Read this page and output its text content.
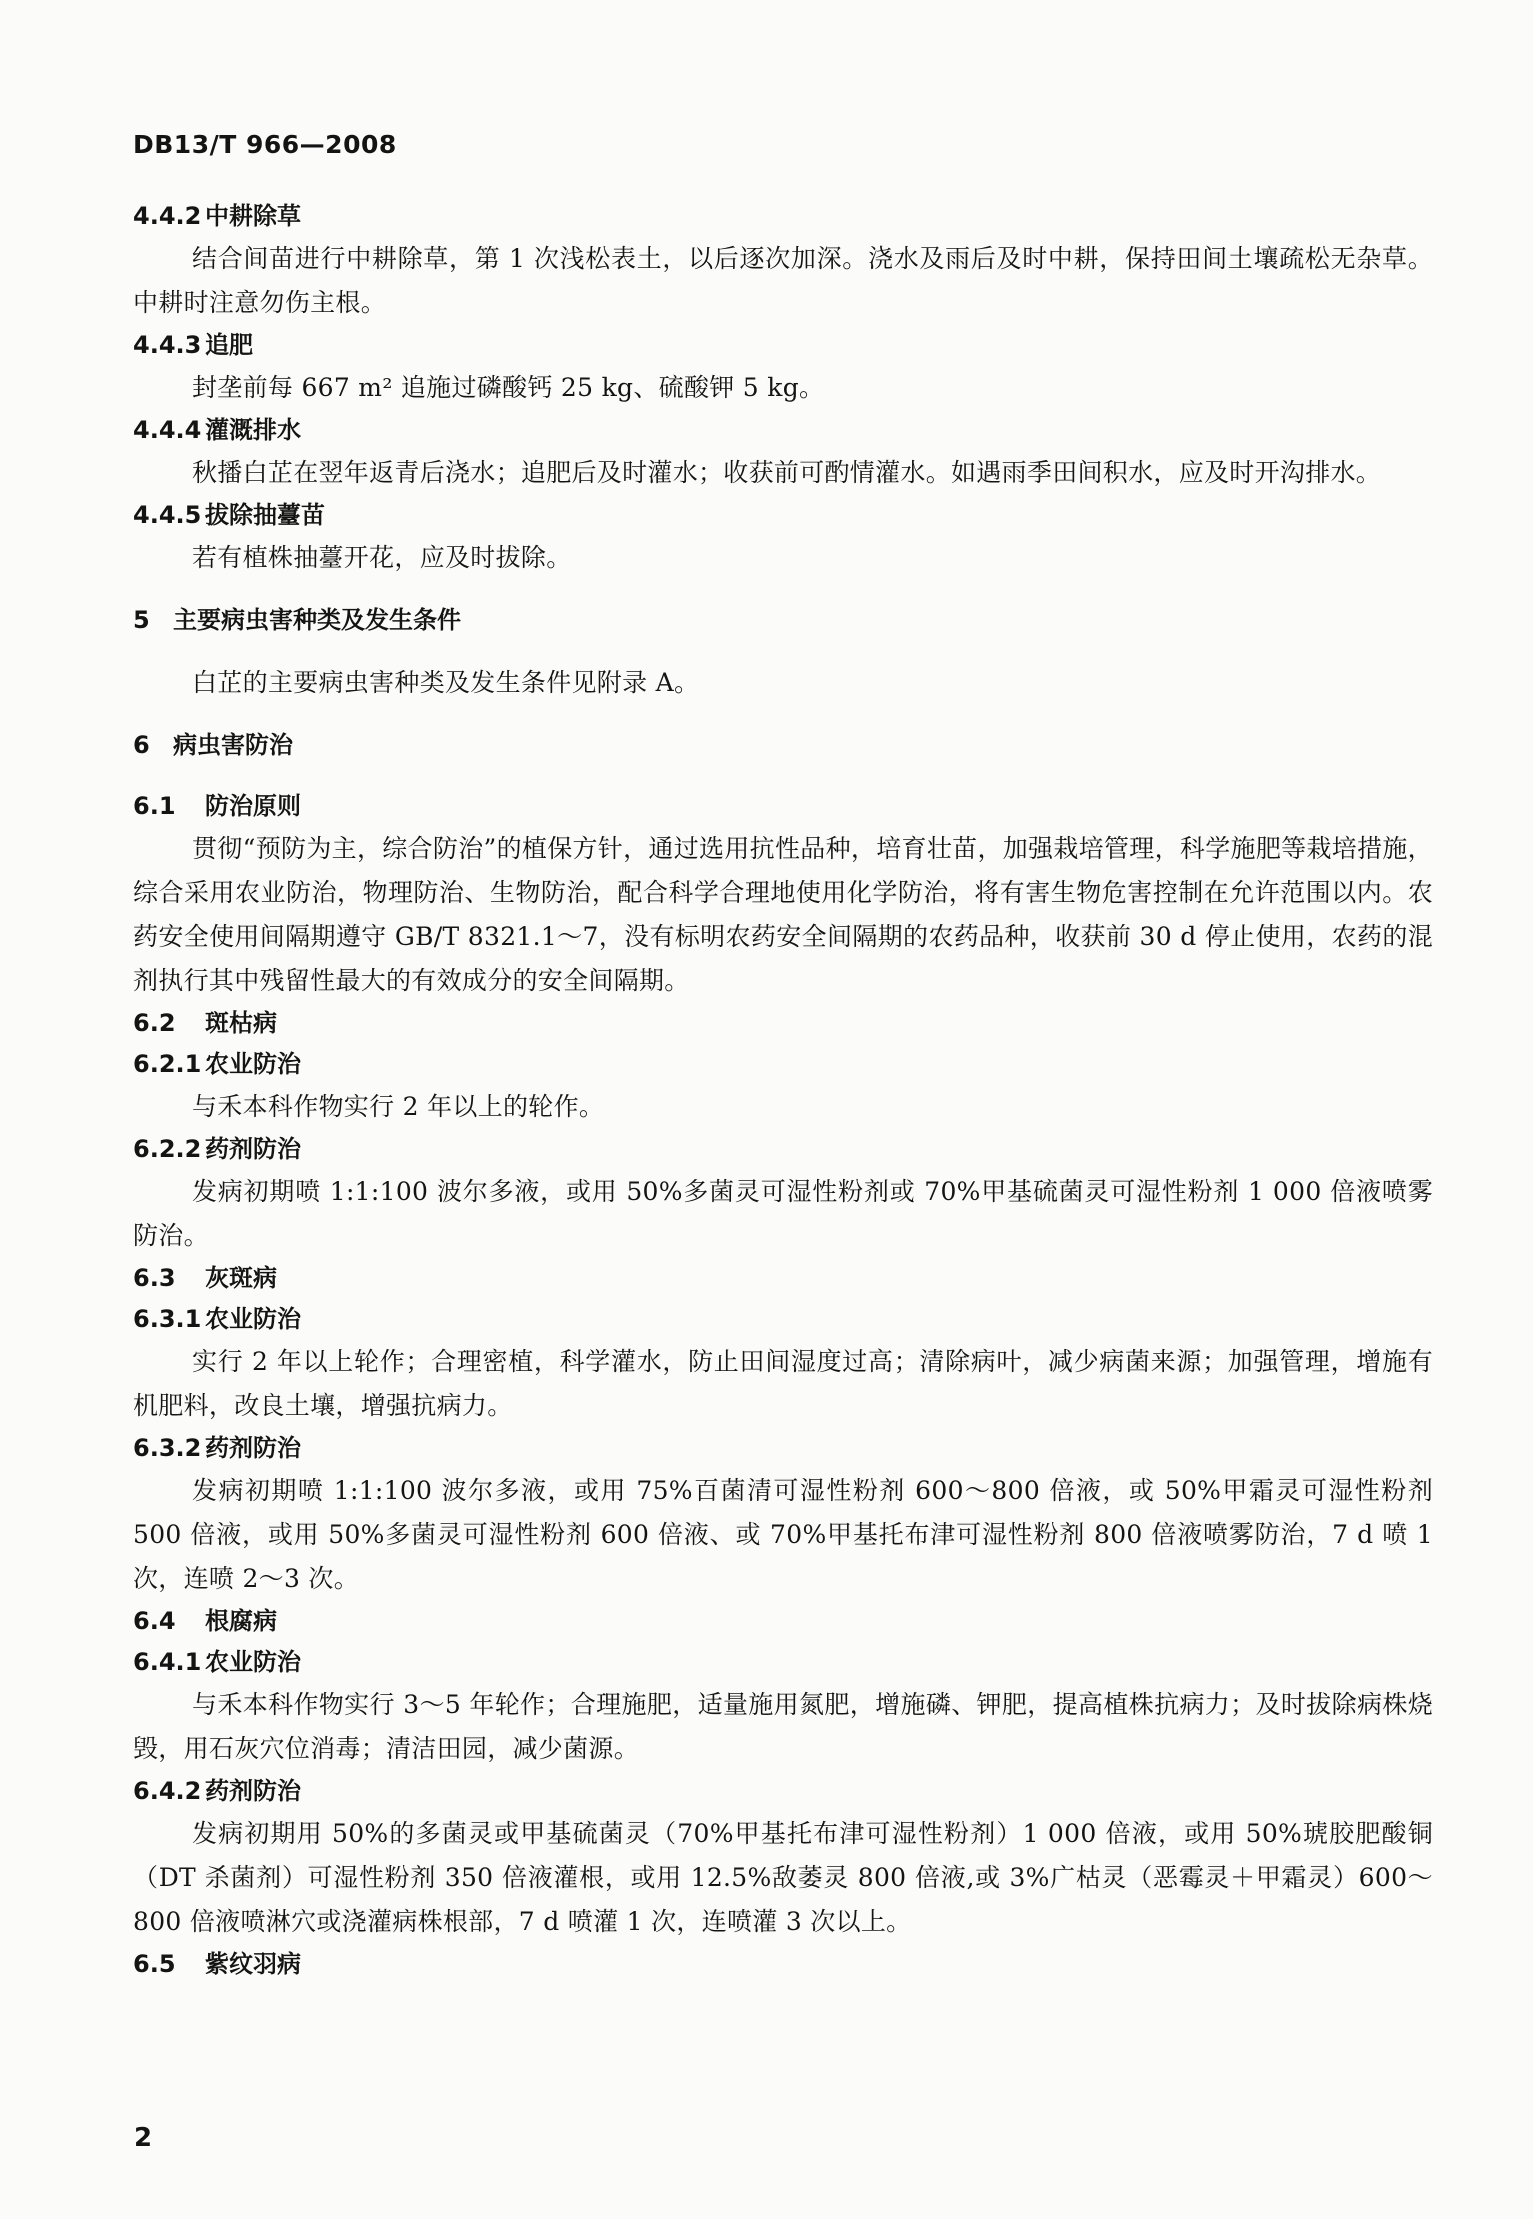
DB13/T 966—2008
4.4.2 中耕除草
结合间苗进行中耕除草，第 1 次浅松表土，以后逐次加深。浇水及雨后及时中耕，保持田间土壤疏松无杂草。中耕时注意勿伤主根。
4.4.3 追肥
封垄前每 667 m² 追施过磷酸钙 25 kg、硫酸钾 5 kg。
4.4.4 灌溉排水
秋播白芷在翌年返青后浇水；追肥后及时灌水；收获前可酌情灌水。如遇雨季田间积水，应及时开沟排水。
4.4.5 拔除抽薹苗
若有植株抽薹开花，应及时拔除。
5 主要病虫害种类及发生条件
白芷的主要病虫害种类及发生条件见附录 A。
6 病虫害防治
6.1 防治原则
贯彻“预防为主，综合防治”的植保方针，通过选用抗性品种，培育壮苗，加强栽培管理，科学施肥等栽培措施，综合采用农业防治，物理防治、生物防治，配合科学合理地使用化学防治，将有害生物危害控制在允许范围以内。农药安全使用间隔期遵守 GB/T 8321.1～7，没有标明农药安全间隔期的农药品种，收获前 30 d 停止使用，农药的混剂执行其中残留性最大的有效成分的安全间隔期。
6.2 斑枯病
6.2.1 农业防治
与禾本科作物实行 2 年以上的轮作。
6.2.2 药剂防治
发病初期喷 1:1:100 波尔多液，或用 50%多菌灵可湿性粉剂或 70%甲基硫菌灵可湿性粉剂 1 000 倍液喷雾防治。
6.3 灰斑病
6.3.1 农业防治
实行 2 年以上轮作；合理密植，科学灌水，防止田间湿度过高；清除病叶，减少病菌来源；加强管理，增施有机肥料，改良土壤，增强抗病力。
6.3.2 药剂防治
发病初期喷 1:1:100 波尔多液，或用 75%百菌清可湿性粉剂 600～800 倍液，或 50%甲霜灵可湿性粉剂 500 倍液，或用 50%多菌灵可湿性粉剂 600 倍液、或 70%甲基托布津可湿性粉剂 800 倍液喷雾防治，7 d 喷 1 次，连喷 2～3 次。
6.4 根腐病
6.4.1 农业防治
与禾本科作物实行 3～5 年轮作；合理施肥，适量施用氮肥，增施磷、钾肥，提高植株抗病力；及时拔除病株烧毁，用石灰穴位消毒；清洁田园，减少菌源。
6.4.2 药剂防治
发病初期用 50%的多菌灵或甲基硫菌灵（70%甲基托布津可湿性粉剂）1 000 倍液，或用 50%琥胶肥酸铜（DT 杀菌剂）可湿性粉剂 350 倍液灌根，或用 12.5%敌萎灵 800 倍液,或 3%广枯灵（恶霉灵＋甲霜灵）600～800 倍液喷淋穴或浇灌病株根部，7 d 喷灌 1 次，连喷灌 3 次以上。
6.5 紫纹羽病
2
